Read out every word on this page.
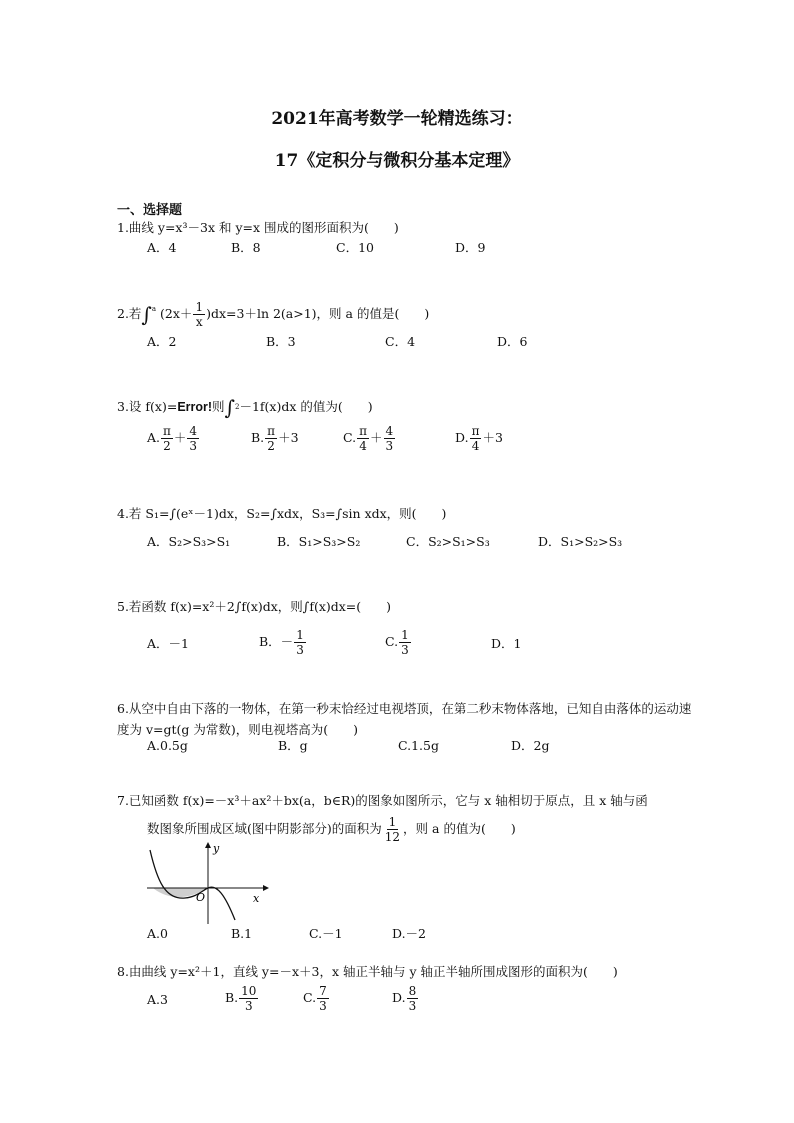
2021年高考数学一轮精选练习：
17《定积分与微积分基本定理》
一、选择题
1.曲线 y=x³－3x 和 y=x 围成的图形面积为(　　)
A．4	B．8	C．10	D．9
2.若∫$^a$ $(2x+ \frac{1}{x} )dx=3+\ln$ 2(a>1)，则 a 的值是(　　)
A．2	B．3	C．4	D．6
3.设 f(x)=Error!则∫$^2$－1f(x)dx 的值为(　　)
A. $\frac{\pi}{2} + \frac{4}{3}$	B. $\frac{\pi}{2} +3$	C. $\frac{\pi}{4} + \frac{4}{3}$	D. $\frac{\pi}{4} +3$
4.若 S₁=∫(eˣ－1)dx，S₂=∫xdx，S₃=∫sin xdx，则(　　)
A．S₂>S₃>S₁	B．S₁>S₃>S₂	C．S₂>S₁>S₃	D．S₁>S₂>S₃
5.若函数 f(x)=x²＋2∫f(x)dx，则∫f(x)dx=(　　)
A．－1	B．－ $\frac{1}{3}$	C. $\frac{1}{3}$	D．1
6.从空中自由下落的一物体，在第一秒末恰经过电视塔顶，在第二秒末物体落地，已知自由落体的运动速度为 v=gt(g 为常数)，则电视塔高为(　　)
A.0.5g	B．g	C.1.5g	D．2g
7.已知函数 f(x)=－x³＋ax²＋bx(a，b∈R)的图象如图所示，它与 x 轴相切于原点，且 x 轴与函
数图象所围成区域(图中阴影部分)的面积为 $\frac{1}{12}$ ，则 a 的值为(　　)
y
O	x
A.0	B.1	C.－1	D.－2
8.由曲线 y=x²＋1，直线 y=－x＋3，x 轴正半轴与 y 轴正半轴所围成图形的面积为(　　)
A.3	B. $\frac{10}{3}$	C. $\frac{7}{3}$	D. $\frac{8}{3}$
